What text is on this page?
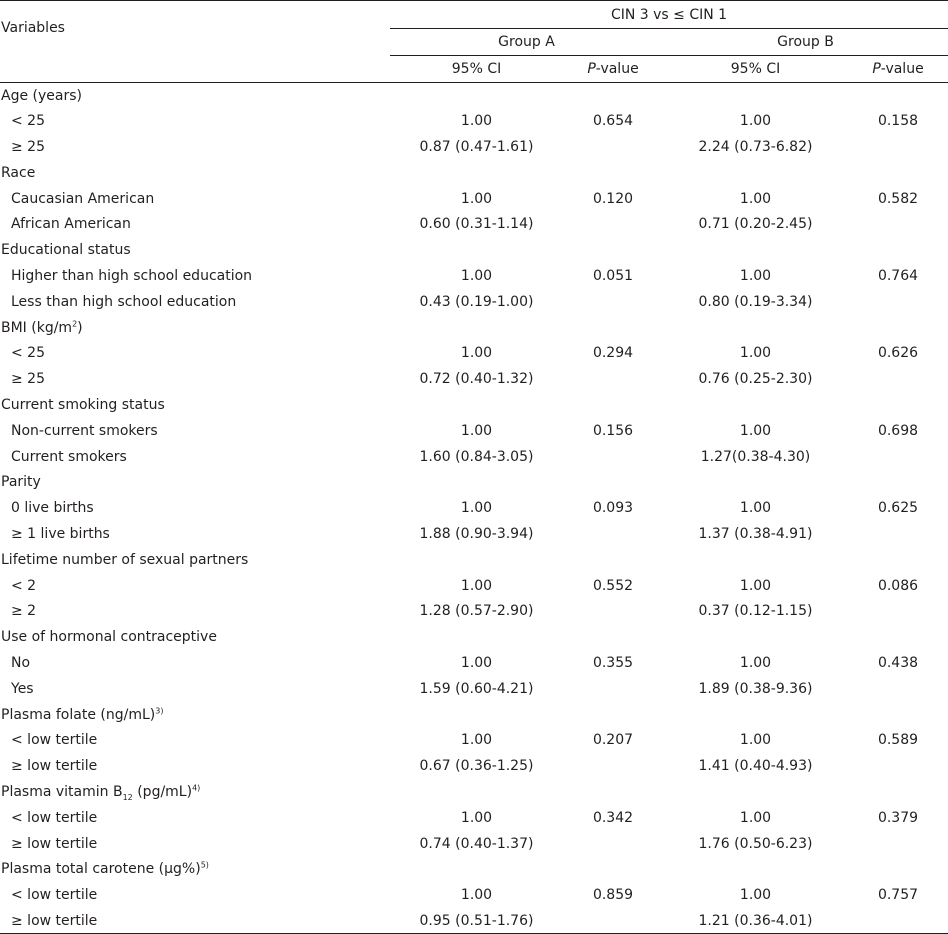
Variables	CIN 3 vs ≤ CIN 1			
	Group A		Group B	
	95% CI	P-value	95% CI	P-value
Age (years)				
< 25	1.00	0.654	1.00	0.158
≥ 25	0.87 (0.47-1.61)		2.24 (0.73-6.82)	
Race				
Caucasian American	1.00	0.120	1.00	0.582
African American	0.60 (0.31-1.14)		0.71 (0.20-2.45)	
Educational status				
Higher than high school education	1.00	0.051	1.00	0.764
Less than high school education	0.43 (0.19-1.00)		0.80 (0.19-3.34)	
BMI $(kg/m^2)$				
< 25	1.00	0.294	1.00	0.626
≥ 25	0.72 (0.40-1.32)		0.76 (0.25-2.30)	
Current smoking status				
Non-current smokers	1.00	0.156	1.00	0.698
Current smokers	1.60 (0.84-3.05)		1.27(0.38-4.30)	
Parity				
0 live births	1.00	0.093	1.00	0.625
≥ 1 live births	1.88 (0.90-3.94)		1.37 (0.38-4.91)	
Lifetime number of sexual partners				
< 2	1.00	0.552	1.00	0.086
≥ 2	1.28 (0.57-2.90)		0.37 (0.12-1.15)	
Use of hormonal contraceptive				
No	1.00	0.355	1.00	0.438
Yes	1.59 (0.60-4.21)		1.89 (0.38-9.36)	
Plasma folate $(ng/mL)^{3)}$				
< low tertile	1.00	0.207	1.00	0.589
≥ low tertile	0.67 (0.36-1.25)		1.41 (0.40-4.93)	
Plasma vitamin $B_{12}$ $(pg/mL)^{4)}$				
< low tertile	1.00	0.342	1.00	0.379
≥ low tertile	0.74 (0.40-1.37)		1.76 (0.50-6.23)	
Plasma total carotene $(\mu g\%)^{5)}$				
< low tertile	1.00	0.859	1.00	0.757
≥ low tertile	0.95 (0.51-1.76)		1.21 (0.36-4.01)	
